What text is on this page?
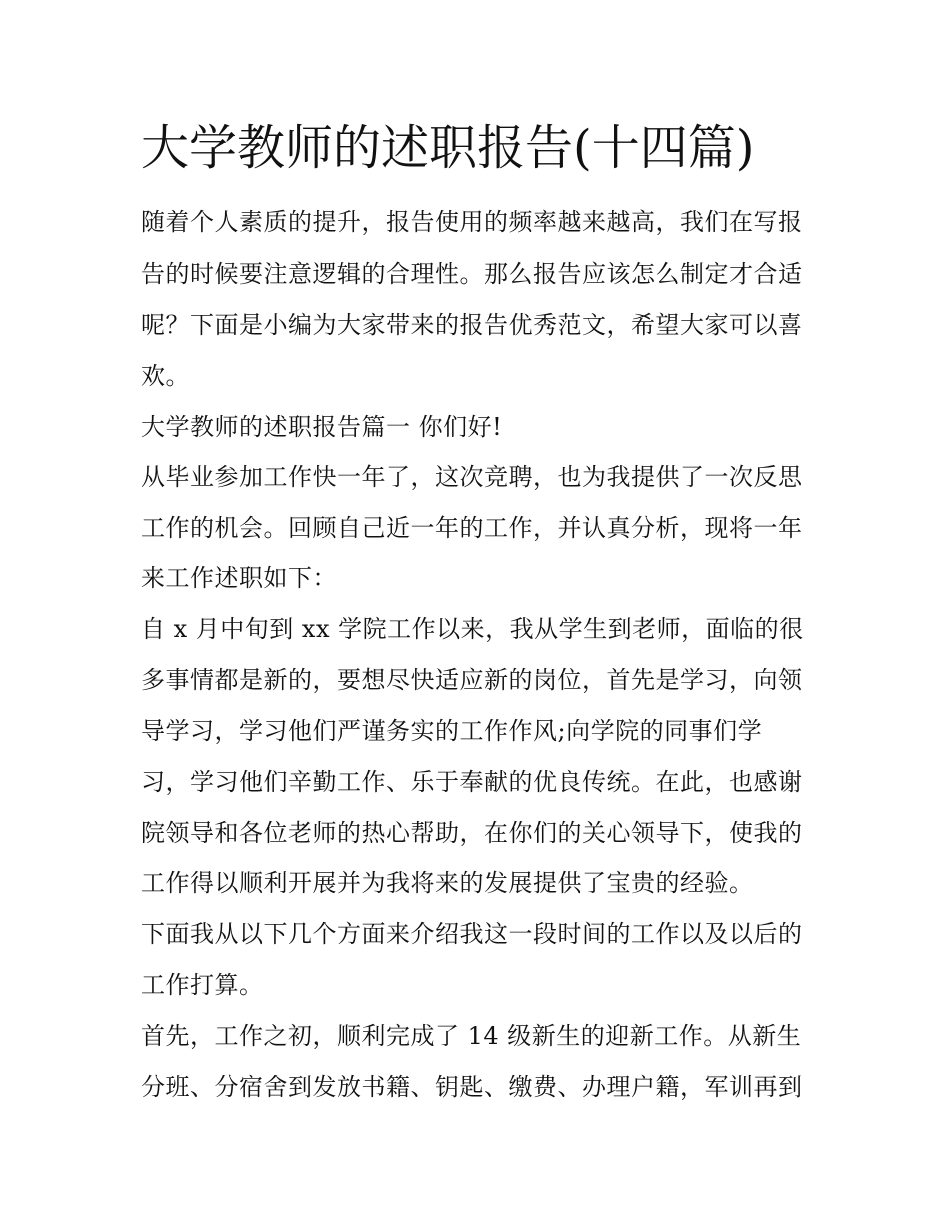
大学教师的述职报告(十四篇)
随着个人素质的提升，报告使用的频率越来越高，我们在写报
告的时候要注意逻辑的合理性。那么报告应该怎么制定才合适
呢？下面是小编为大家带来的报告优秀范文，希望大家可以喜
欢。
大学教师的述职报告篇一 你们好!
从毕业参加工作快一年了，这次竞聘，也为我提供了一次反思
工作的机会。回顾自己近一年的工作，并认真分析，现将一年
来工作述职如下：
自 x 月中旬到 xx 学院工作以来，我从学生到老师，面临的很
多事情都是新的，要想尽快适应新的岗位，首先是学习，向领
导学习，学习他们严谨务实的工作作风;向学院的同事们学
习，学习他们辛勤工作、乐于奉献的优良传统。在此，也感谢
院领导和各位老师的热心帮助，在你们的关心领导下，使我的
工作得以顺利开展并为我将来的发展提供了宝贵的经验。
下面我从以下几个方面来介绍我这一段时间的工作以及以后的
工作打算。
首先，工作之初，顺利完成了 14 级新生的迎新工作。从新生
分班、分宿舍到发放书籍、钥匙、缴费、办理户籍，军训再到
